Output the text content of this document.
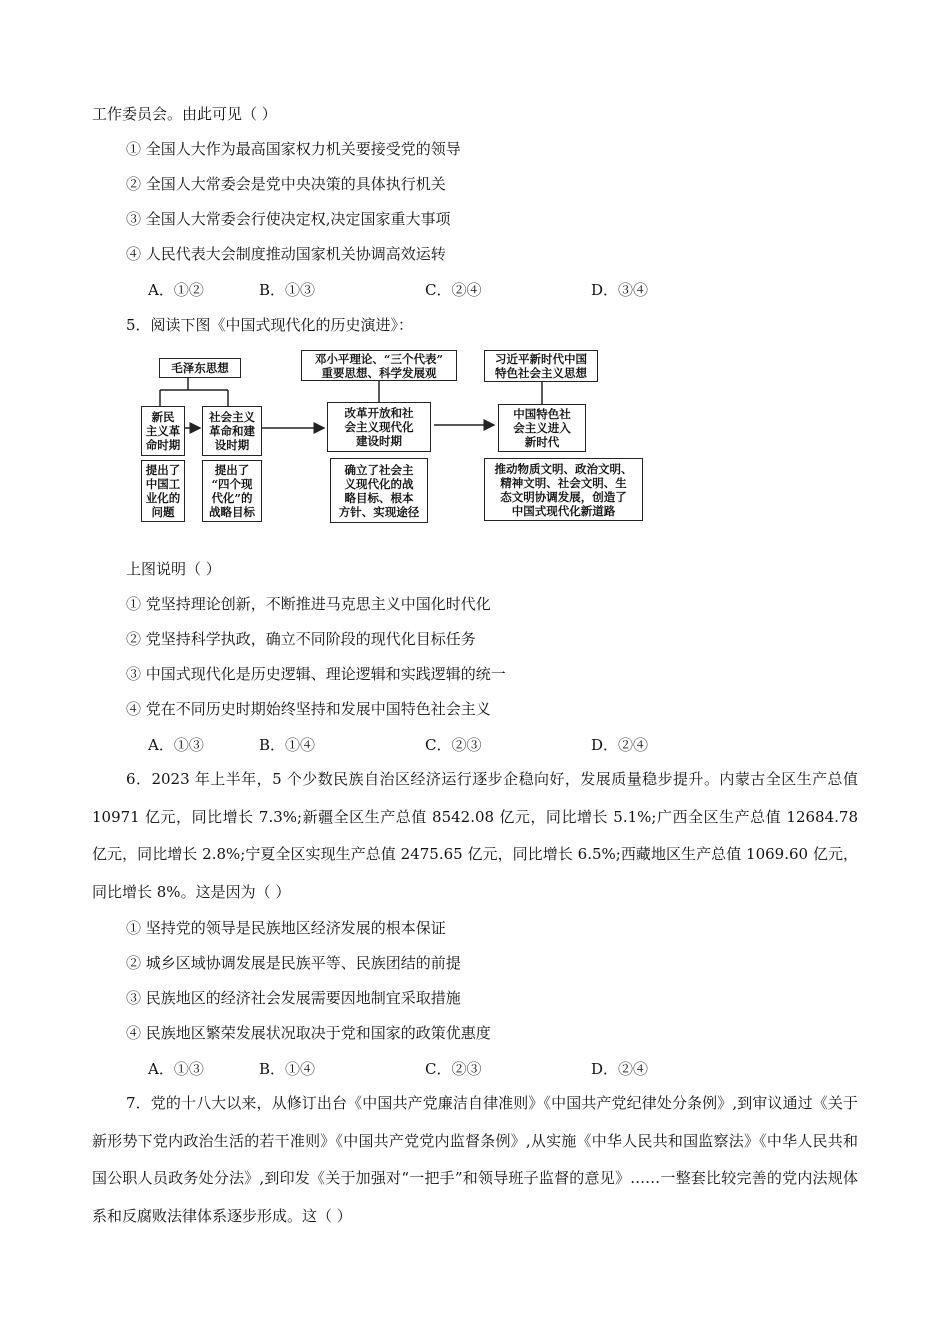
工作委员会。由此可见（ ）
① 全国人大作为最高国家权力机关要接受党的领导
② 全国人大常委会是党中央决策的具体执行机关
③ 全国人大常委会行使决定权,决定国家重大事项
④ 人民代表大会制度推动国家机关协调高效运转
A．①②	B．①③	C．②④	D．③④
5．阅读下图《中国式现代化的历史演进》：
毛泽东思想
新民
主义革
命时期
社会主义
革命和建
设时期
提出了
中国工
业化的
问题
提出了
“四个现
代化”的
战略目标
邓小平理论、“三个代表”
重要思想、科学发展观
改革开放和社
会主义现代化
建设时期
确立了社会主
义现代化的战
略目标、根本
方针、实现途径
习近平新时代中国
特色社会主义思想
中国特色社
会主义进入
新时代
推动物质文明、政治文明、
精神文明、社会文明、生
态文明协调发展，创造了
中国式现代化新道路
上图说明（ ）
① 党坚持理论创新，不断推进马克思主义中国化时代化
② 党坚持科学执政，确立不同阶段的现代化目标任务
③ 中国式现代化是历史逻辑、理论逻辑和实践逻辑的统一
④ 党在不同历史时期始终坚持和发展中国特色社会主义
A．①③	B．①④	C．②③	D．②④
6．2023 年上半年，5 个少数民族自治区经济运行逐步企稳向好，发展质量稳步提升。内蒙古全区生产总值 10971 亿元，同比增长 7.3%;新疆全区生产总值 8542.08 亿元，同比增长 5.1%;广西全区生产总值 12684.78 亿元，同比增长 2.8%;宁夏全区实现生产总值 2475.65 亿元，同比增长 6.5%;西藏地区生产总值 1069.60 亿元，同比增长 8%。这是因为（ ）
① 坚持党的领导是民族地区经济发展的根本保证
② 城乡区域协调发展是民族平等、民族团结的前提
③ 民族地区的经济社会发展需要因地制宜采取措施
④ 民族地区繁荣发展状况取决于党和国家的政策优惠度
A．①③	B．①④	C．②③	D．②④
7．党的十八大以来，从修订出台《中国共产党廉洁自律准则》《中国共产党纪律处分条例》,到审议通过《关于新形势下党内政治生活的若干准则》《中国共产党党内监督条例》,从实施《中华人民共和国监察法》《中华人民共和国公职人员政务处分法》,到印发《关于加强对“一把手”和领导班子监督的意见》……一整套比较完善的党内法规体系和反腐败法律体系逐步形成。这（ ）
